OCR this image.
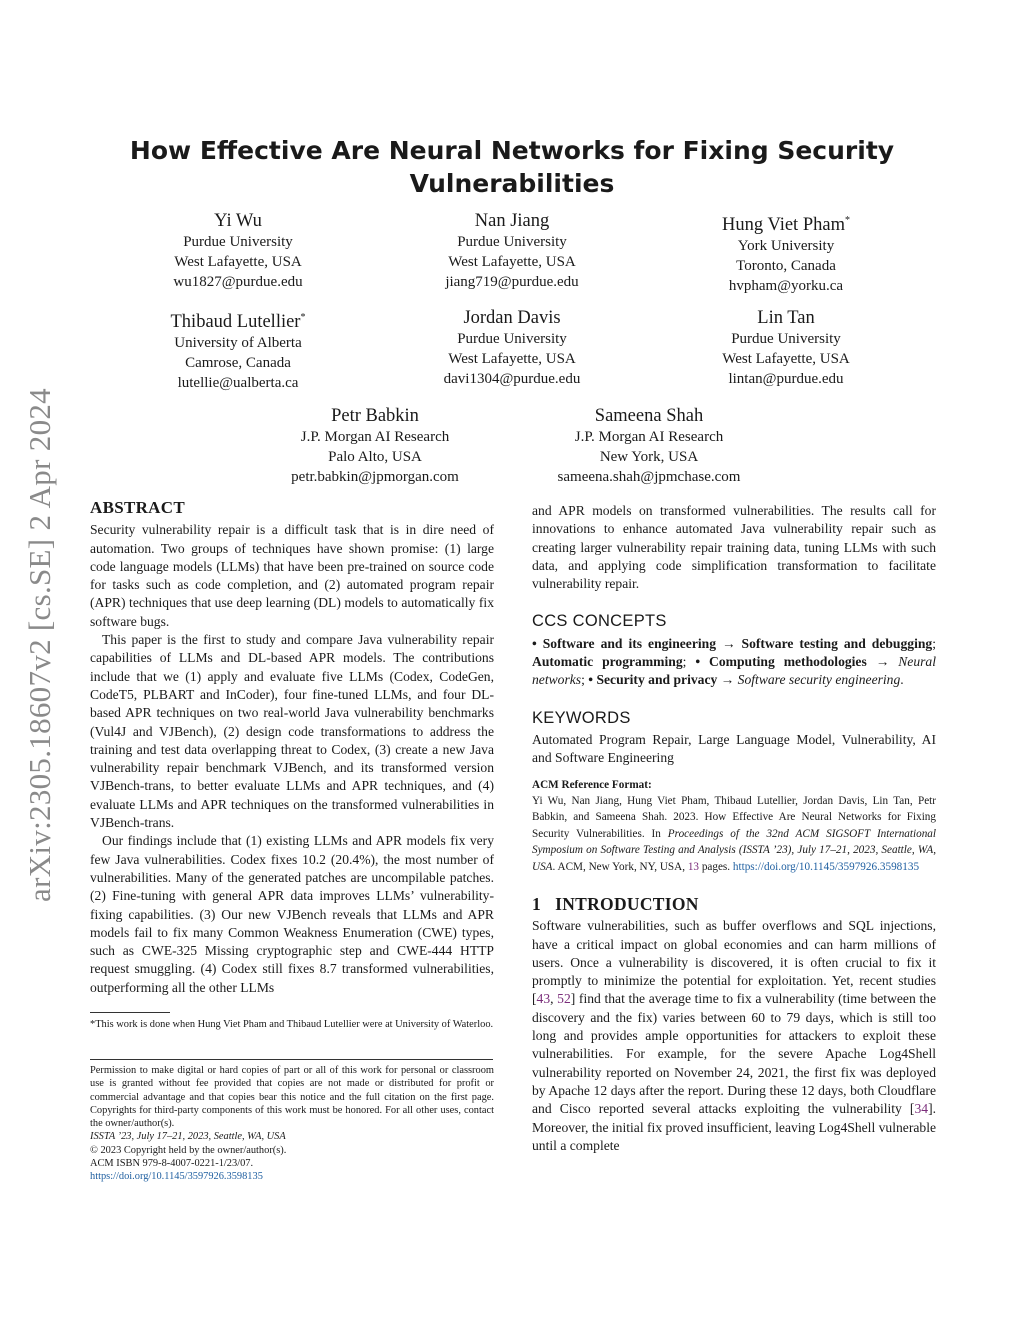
arXiv:2305.18607v2 [cs.SE] 2 Apr 2024
How Effective Are Neural Networks for Fixing Security Vulnerabilities
Yi Wu
Purdue University
West Lafayette, USA
wu1827@purdue.edu
Nan Jiang
Purdue University
West Lafayette, USA
jiang719@purdue.edu
Hung Viet Pham*
York University
Toronto, Canada
hvpham@yorku.ca
Thibaud Lutellier*
University of Alberta
Camrose, Canada
lutellie@ualberta.ca
Jordan Davis
Purdue University
West Lafayette, USA
davi1304@purdue.edu
Lin Tan
Purdue University
West Lafayette, USA
lintan@purdue.edu
Petr Babkin
J.P. Morgan AI Research
Palo Alto, USA
petr.babkin@jpmorgan.com
Sameena Shah
J.P. Morgan AI Research
New York, USA
sameena.shah@jpmchase.com
ABSTRACT

Security vulnerability repair is a difficult task that is in dire need of automation. Two groups of techniques have shown promise: (1) large code language models (LLMs) that have been pre-trained on source code for tasks such as code completion, and (2) automated program repair (APR) techniques that use deep learning (DL) models to automatically fix software bugs.

This paper is the first to study and compare Java vulnerability repair capabilities of LLMs and DL-based APR models. The contributions include that we (1) apply and evaluate five LLMs (Codex, CodeGen, CodeT5, PLBART and InCoder), four fine-tuned LLMs, and four DL-based APR techniques on two real-world Java vulnerability benchmarks (Vul4J and VJBench), (2) design code transformations to address the training and test data overlapping threat to Codex, (3) create a new Java vulnerability repair benchmark VJBench, and its transformed version VJBench-trans, to better evaluate LLMs and APR techniques, and (4) evaluate LLMs and APR techniques on the transformed vulnerabilities in VJBench-trans.

Our findings include that (1) existing LLMs and APR models fix very few Java vulnerabilities. Codex fixes 10.2 (20.4%), the most number of vulnerabilities. Many of the generated patches are uncompilable patches. (2) Fine-tuning with general APR data improves LLMs’ vulnerability-fixing capabilities. (3) Our new VJBench reveals that LLMs and APR models fail to fix many Common Weakness Enumeration (CWE) types, such as CWE-325 Missing cryptographic step and CWE-444 HTTP request smuggling. (4) Codex still fixes 8.7 transformed vulnerabilities, outperforming all the other LLMs

*This work is done when Hung Viet Pham and Thibaud Lutellier were at University of Waterloo.

Permission to make digital or hard copies of part or all of this work for personal or classroom use is granted without fee provided that copies are not made or distributed for profit or commercial advantage and that copies bear this notice and the full citation on the first page. Copyrights for third-party components of this work must be honored. For all other uses, contact the owner/author(s).

ISSTA ’23, July 17–21, 2023, Seattle, WA, USA

© 2023 Copyright held by the owner/author(s).

ACM ISBN 979-8-4007-0221-1/23/07.

https://doi.org/10.1145/3597926.3598135

and APR models on transformed vulnerabilities. The results call for innovations to enhance automated Java vulnerability repair such as creating larger vulnerability repair training data, tuning LLMs with such data, and applying code simplification transformation to facilitate vulnerability repair.

CCS CONCEPTS

• Software and its engineering → Software testing and debugging; Automatic programming; • Computing methodologies → Neural networks; • Security and privacy → Software security engineering.

KEYWORDS

Automated Program Repair, Large Language Model, Vulnerability, AI and Software Engineering

ACM Reference Format:
Yi Wu, Nan Jiang, Hung Viet Pham, Thibaud Lutellier, Jordan Davis, Lin Tan, Petr Babkin, and Sameena Shah. 2023. How Effective Are Neural Networks for Fixing Security Vulnerabilities. In Proceedings of the 32nd ACM SIGSOFT International Symposium on Software Testing and Analysis (ISSTA ’23), July 17–21, 2023, Seattle, WA, USA. ACM, New York, NY, USA, 13 pages. https://doi.org/10.1145/3597926.3598135
1 INTRODUCTION

Software vulnerabilities, such as buffer overflows and SQL injections, have a critical impact on global economies and can harm millions of users. Once a vulnerability is discovered, it is often crucial to fix it promptly to minimize the potential for exploitation. Yet, recent studies [43, 52] find that the average time to fix a vulnerability (time between the discovery and the fix) varies between 60 to 79 days, which is still too long and provides ample opportunities for attackers to exploit these vulnerabilities. For example, for the severe Apache Log4Shell vulnerability reported on November 24, 2021, the first fix was deployed by Apache 12 days after the report. During these 12 days, both Cloudflare and Cisco reported several attacks exploiting the vulnerability [34]. Moreover, the initial fix proved insufficient, leaving Log4Shell vulnerable until a complete
